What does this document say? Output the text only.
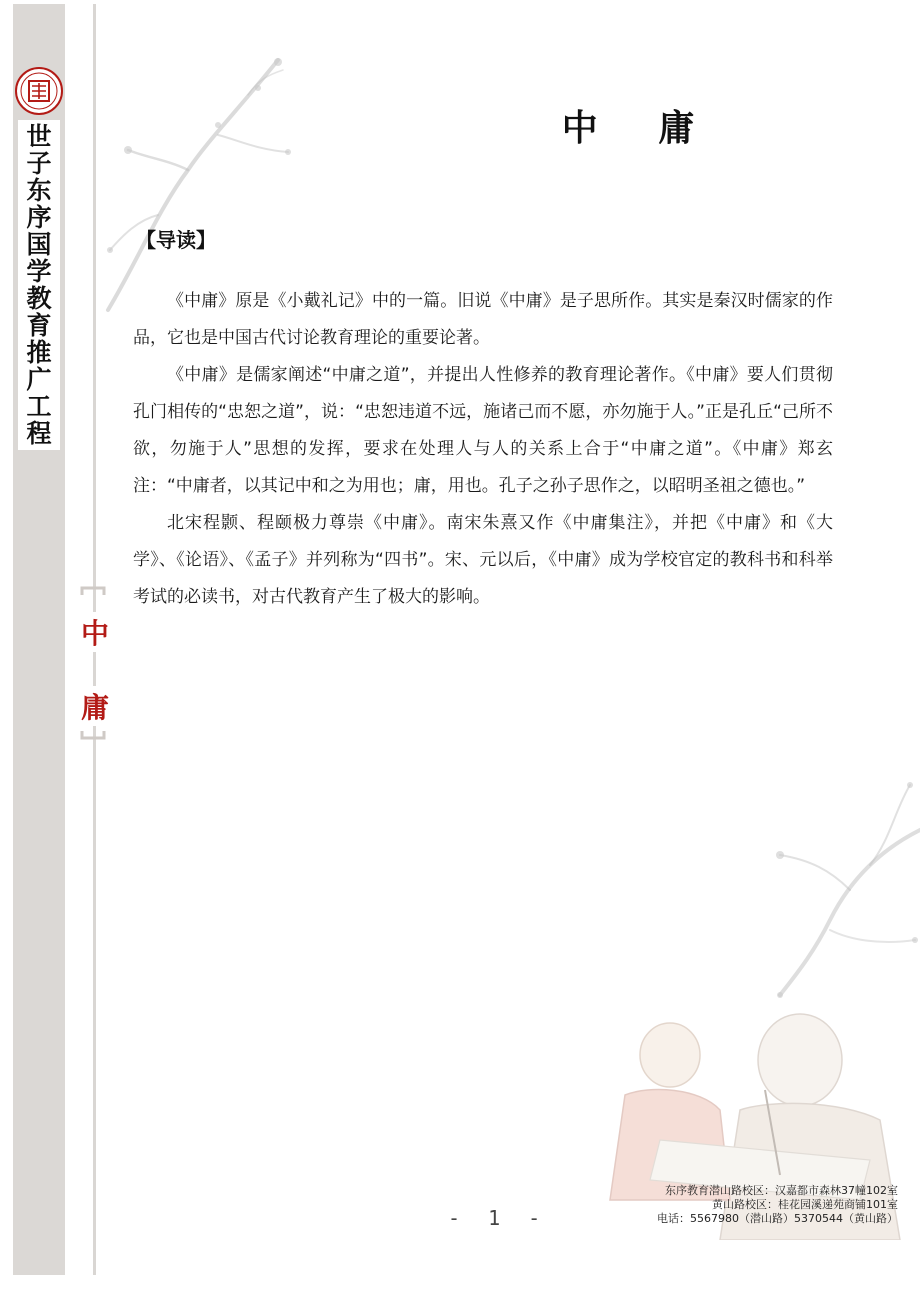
世
子
东
序
国
学
教
育
推
广
工
程
中
庸
中 庸
【导读】

《中庸》原是《小戴礼记》中的一篇。旧说《中庸》是子思所作。其实是秦汉时儒家的作品，它也是中国古代讨论教育理论的重要论著。

《中庸》是儒家阐述“中庸之道”，并提出人性修养的教育理论著作。《中庸》要人们贯彻孔门相传的“忠恕之道”，说：“忠恕违道不远，施诸己而不愿，亦勿施于人。”正是孔丘“己所不欲，勿施于人”思想的发挥，要求在处理人与人的关系上合于“中庸之道”。《中庸》郑玄注：“中庸者，以其记中和之为用也；庸，用也。孔子之孙子思作之，以昭明圣祖之德也。”

北宋程颢、程颐极力尊崇《中庸》。南宋朱熹又作《中庸集注》，并把《中庸》和《大学》、《论语》、《孟子》并列称为“四书”。宋、元以后，《中庸》成为学校官定的教科书和科举考试的必读书，对古代教育产生了极大的影响。

- 1 -
东序教育潜山路校区：汉嘉都市森林37幢102室
黄山路校区：桂花园溪递苑商铺101室
电话：5567980（潜山路）5370544（黄山路）
